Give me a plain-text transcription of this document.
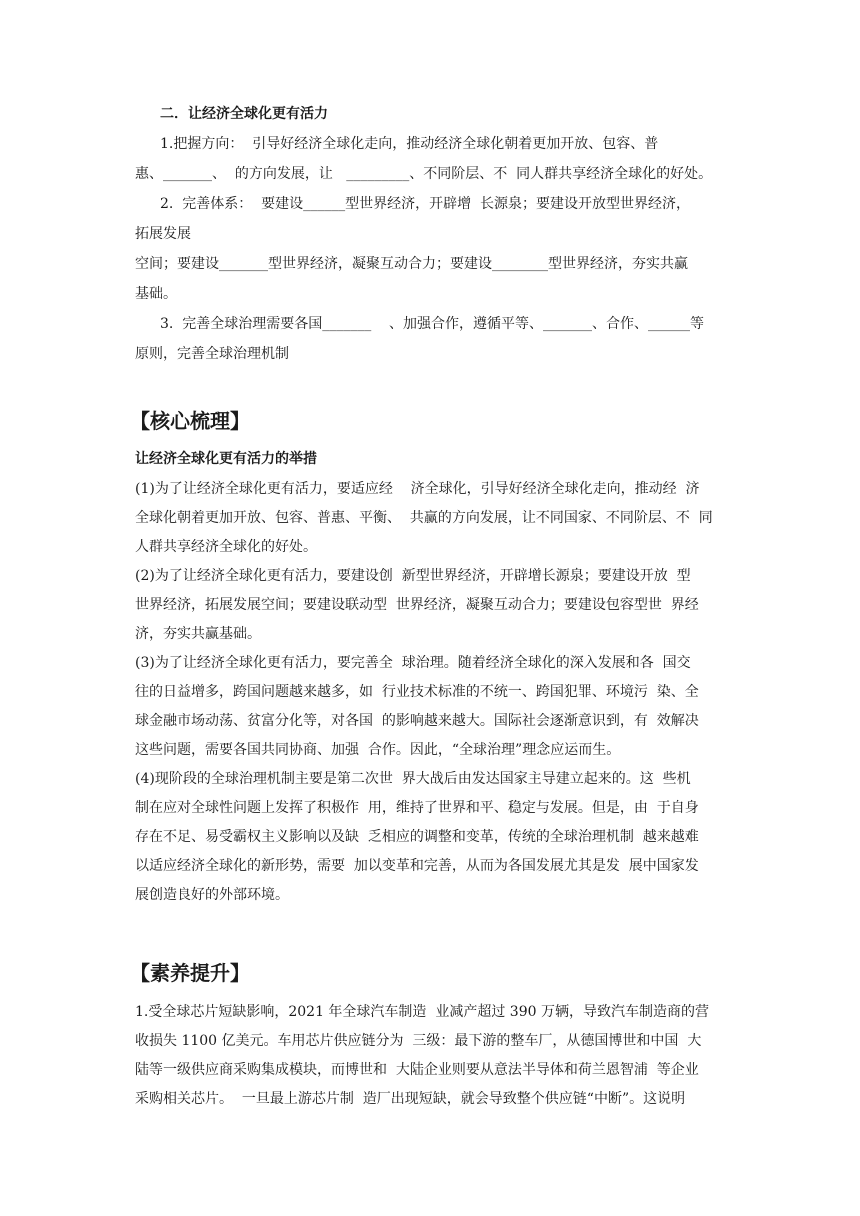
二．让经济全球化更有活力
1.把握方向：  引导好经济全球化走向，推动经济全球化朝着更加开放、包容、普
惠、_______、  的方向发展，让   _________、不同阶层、不  同人群共享经济全球化的好处。
2.  完善体系：  要建设______型世界经济，开辟增  长源泉；要建设开放型世界经济，
拓展发展
空间；要建设_______型世界经济，凝聚互动合力；要建设________型世界经济，夯实共赢
基础。
3.  完善全球治理需要各国_______    、加强合作，遵循平等、_______、合作、______等
原则，完善全球治理机制
【核心梳理】
让经济全球化更有活力的举措
(1)为了让经济全球化更有活力，要适应经    济全球化，引导好经济全球化走向，推动经  济
全球化朝着更加开放、包容、普惠、平衡、  共赢的方向发展，让不同国家、不同阶层、不  同
人群共享经济全球化的好处。
(2)为了让经济全球化更有活力，要建设创  新型世界经济，开辟增长源泉；要建设开放  型
世界经济，拓展发展空间；要建设联动型  世界经济，凝聚互动合力；要建设包容型世  界经
济，夯实共赢基础。
(3)为了让经济全球化更有活力，要完善全  球治理。随着经济全球化的深入发展和各  国交
往的日益增多，跨国问题越来越多，如  行业技术标准的不统一、跨国犯罪、环境污  染、全
球金融市场动荡、贫富分化等，对各国  的影响越来越大。国际社会逐渐意识到，有  效解决
这些问题，需要各国共同协商、加强  合作。因此，“全球治理”理念应运而生。
(4)现阶段的全球治理机制主要是第二次世  界大战后由发达国家主导建立起来的。这  些机
制在应对全球性问题上发挥了积极作  用，维持了世界和平、稳定与发展。但是，由  于自身
存在不足、易受霸权主义影响以及缺  乏相应的调整和变革，传统的全球治理机制  越来越难
以适应经济全球化的新形势，需要  加以变革和完善，从而为各国发展尤其是发  展中国家发
展创造良好的外部环境。
【素养提升】
1.受全球芯片短缺影响，2021 年全球汽车制造  业减产超过 390 万辆，导致汽车制造商的营
收损失 1100 亿美元。车用芯片供应链分为  三级：最下游的整车厂，从德国博世和中国  大
陆等一级供应商采购集成模块，而博世和  大陆企业则要从意法半导体和荷兰恩智浦  等企业
采购相关芯片。  一旦最上游芯片制  造厂出现短缺，就会导致整个供应链“中断”。这说明
